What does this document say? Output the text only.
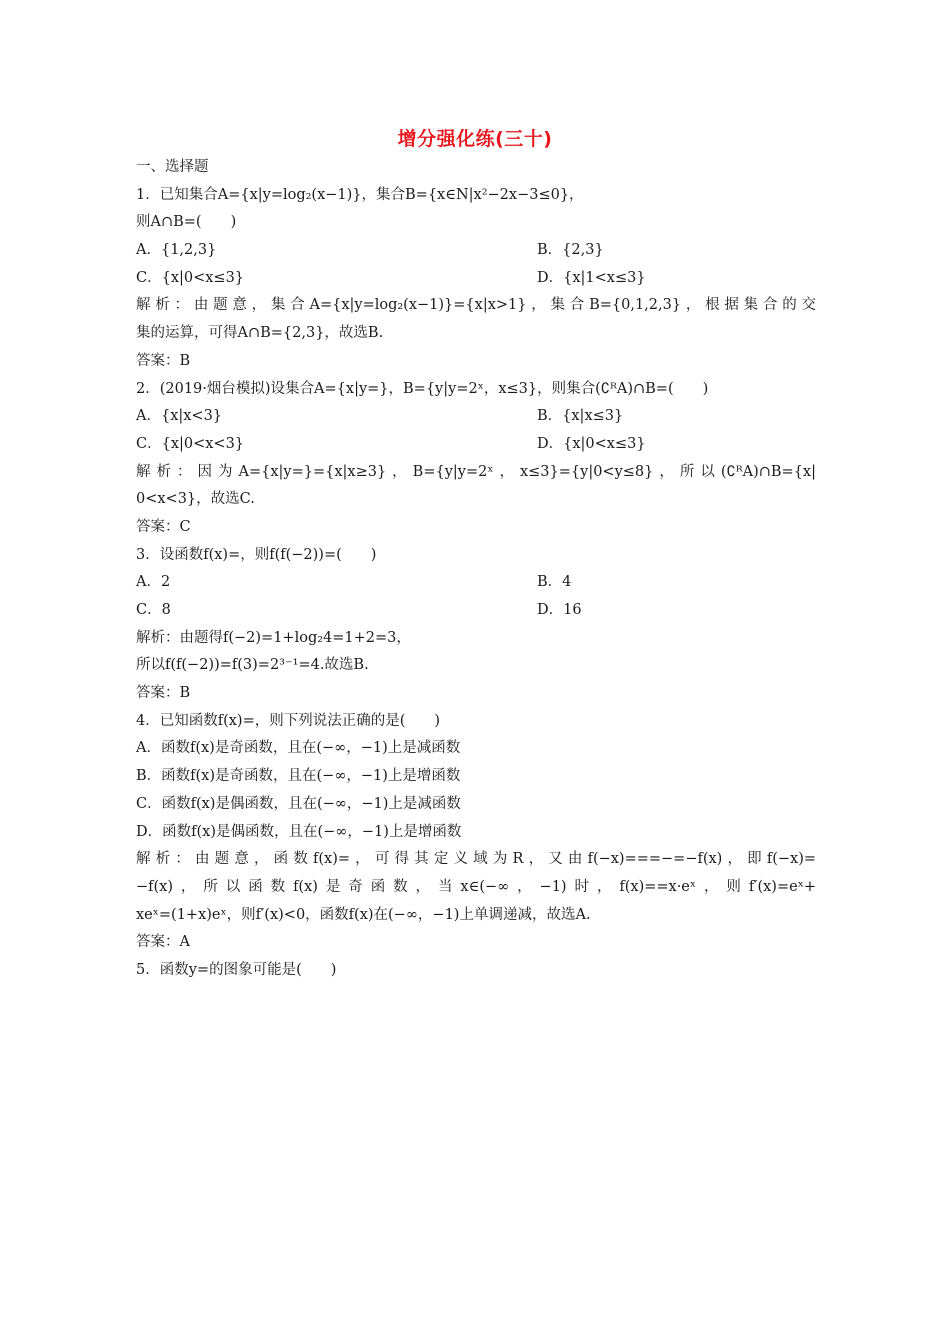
增分强化练(三十)
一、选择题
1．已知集合A={x|y=log₂(x−1)}，集合B={x∈N|x²−2x−3≤0}，
则A∩B=(　　)
A．{1,2,3}	B．{2,3}
C．{x|0<x≤3}	D．{x|1<x≤3}
解析：由题意，集合A={x|y=log₂(x−1)}={x|x>1}，集合B={0,1,2,3}，根据集合的交
集的运算，可得A∩B={2,3}，故选B.
答案：B
2．(2019·烟台模拟)设集合A={x|y=}，B={y|y=2ˣ，x≤3}，则集合(∁ᴿA)∩B=(　　)
A．{x|x<3}	B．{x|x≤3}
C．{x|0<x<3}	D．{x|0<x≤3}
解析：因为A={x|y=}={x|x≥3}，B={y|y=2ˣ，x≤3}={y|0<y≤8}，所以(∁ᴿA)∩B={x|
0<x<3}，故选C.
答案：C
3．设函数f(x)=，则f(f(−2))=(　　)
A．2	B．4
C．8	D．16
解析：由题得f(−2)=1+log₂4=1+2=3，
所以f(f(−2))=f(3)=2³⁻¹=4.故选B.
答案：B
4．已知函数f(x)=，则下列说法正确的是(　　)
A．函数f(x)是奇函数，且在(−∞，−1)上是减函数
B．函数f(x)是奇函数，且在(−∞，−1)上是增函数
C．函数f(x)是偶函数，且在(−∞，−1)上是减函数
D．函数f(x)是偶函数，且在(−∞，−1)上是增函数
解析：由题意，函数f(x)=，可得其定义域为R，又由f(−x)===−=−f(x)，即f(−x)=
−f(x)，所以函数f(x)是奇函数，当x∈(−∞，−1)时，f(x)==x·eˣ，则f′(x)=eˣ+
xeˣ=(1+x)eˣ，则f′(x)<0，函数f(x)在(−∞，−1)上单调递减，故选A.
答案：A
5．函数y=的图象可能是(　　)
